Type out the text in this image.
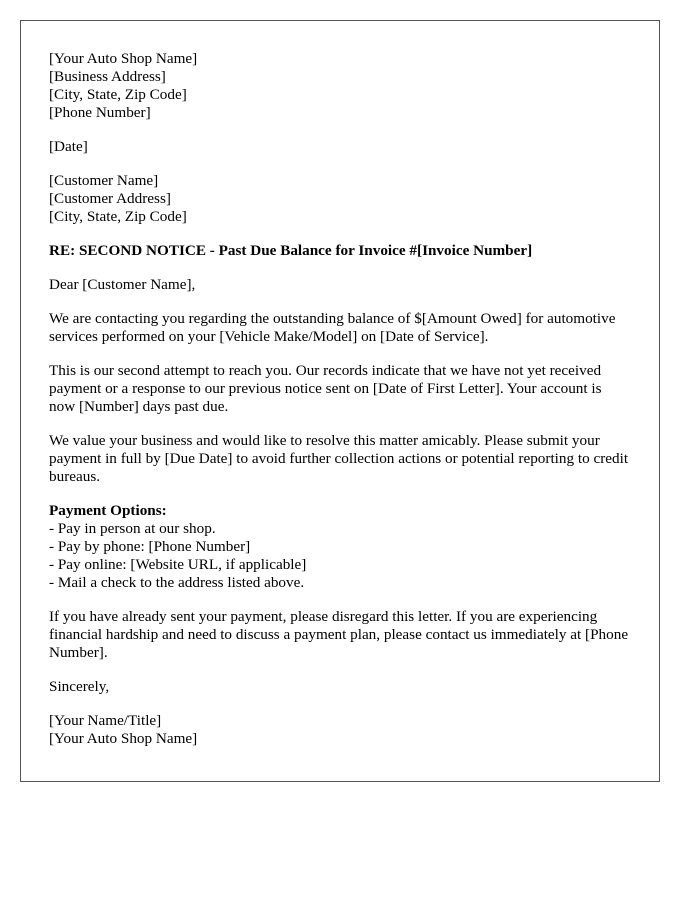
[Your Auto Shop Name]
[Business Address]
[City, State, Zip Code]
[Phone Number]
[Date]
[Customer Name]
[Customer Address]
[City, State, Zip Code]

RE: SECOND NOTICE - Past Due Balance for Invoice #[Invoice Number]

Dear [Customer Name],

We are contacting you regarding the outstanding balance of $[Amount Owed] for automotive services performed on your [Vehicle Make/Model] on [Date of Service].

This is our second attempt to reach you. Our records indicate that we have not yet received payment or a response to our previous notice sent on [Date of First Letter]. Your account is now [Number] days past due.

We value your business and would like to resolve this matter amicably. Please submit your payment in full by [Due Date] to avoid further collection actions or potential reporting to credit bureaus.

Payment Options:
- Pay in person at our shop.
- Pay by phone: [Phone Number]
- Pay online: [Website URL, if applicable]
- Mail a check to the address listed above.

If you have already sent your payment, please disregard this letter. If you are experiencing financial hardship and need to discuss a payment plan, please contact us immediately at [Phone Number].

Sincerely,

[Your Name/Title]
[Your Auto Shop Name]
